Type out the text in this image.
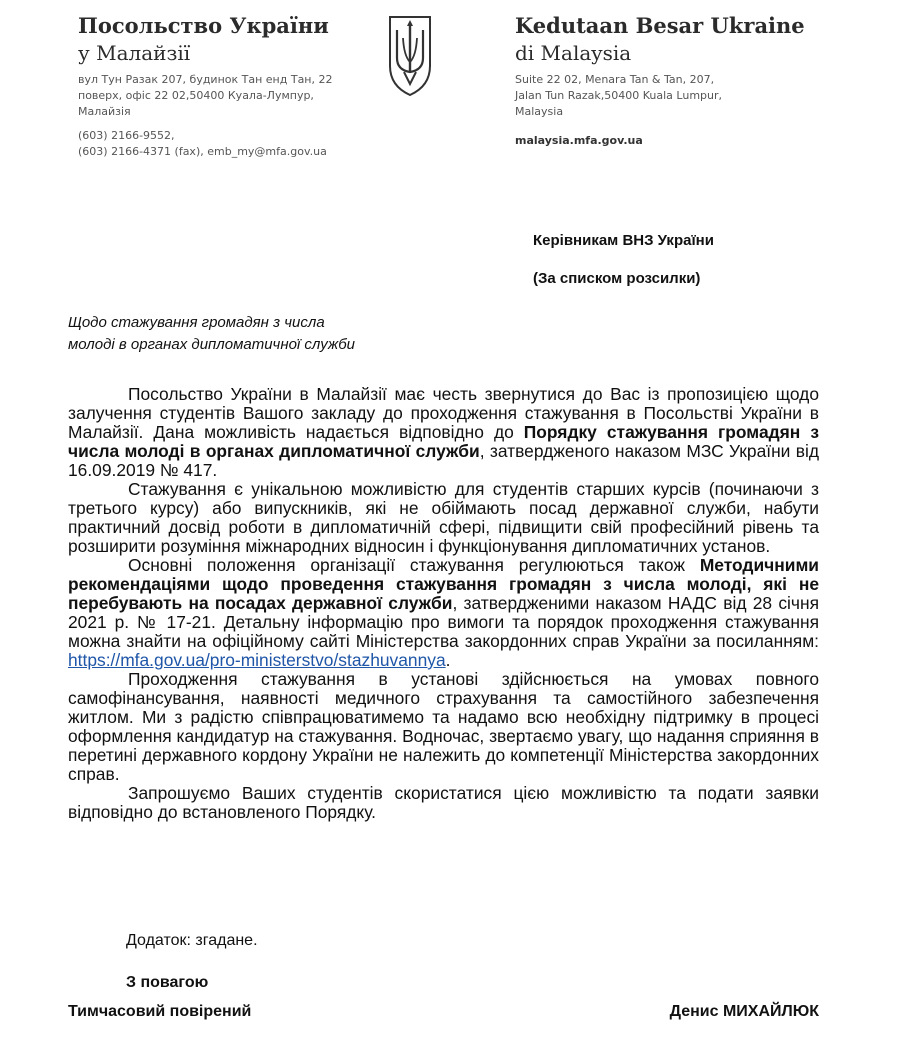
Посольство України
у Малайзії
вул Тун Разак 207, будинок Тан енд Тан, 22
поверх, офіс 22 02,50400 Куала-Лумпур,
Малайзія
(603) 2166-9552,
(603) 2166-4371 (fax), emb_my@mfa.gov.ua
Kedutaan Besar Ukraine
di Malaysia
Suite 22 02, Menara Tan & Tan, 207,
Jalan Tun Razak,50400 Kuala Lumpur,
Malaysia
malaysia.mfa.gov.ua
Керівникам ВНЗ України
(За списком розсилки)
Щодо стажування громадян з числа
молоді в органах дипломатичної служби

Посольство України в Малайзії має честь звернутися до Вас із пропозицією щодо залучення студентів Вашого закладу до проходження стажування в Посольстві України в Малайзії. Дана можливість надається відповідно до Порядку стажування громадян з числа молоді в органах дипломатичної служби, затвердженого наказом МЗС України від 16.09.2019 № 417.

Стажування є унікальною можливістю для студентів старших курсів (починаючи з третього курсу) або випускників, які не обіймають посад державної служби, набути практичний досвід роботи в дипломатичній сфері, підвищити свій професійний рівень та розширити розуміння міжнародних відносин і функціонування дипломатичних установ.

Основні положення організації стажування регулюються також Методичними рекомендаціями щодо проведення стажування громадян з числа молоді, які не перебувають на посадах державної служби, затвердженими наказом НАДС від 28 січня 2021 р. № 17-21. Детальну інформацію про вимоги та порядок проходження стажування можна знайти на офіційному сайті Міністерства закордонних справ України за посиланням: https://mfa.gov.ua/pro-ministerstvo/stazhuvannya.

Проходження стажування в установі здійснюється на умовах повного самофінансування, наявності медичного страхування та самостійного забезпечення житлом. Ми з радістю співпрацюватимемо та надамо всю необхідну підтримку в процесі оформлення кандидатур на стажування. Водночас, звертаємо увагу, що надання сприяння в перетині державного кордону України не належить до компетенції Міністерства закордонних справ.

Запрошуємо Ваших студентів скористатися цією можливістю та подати заявки відповідно до встановленого Порядку.

Додаток: згадане.
З повагою
Тимчасовий повірений	Денис МИХАЙЛЮК
